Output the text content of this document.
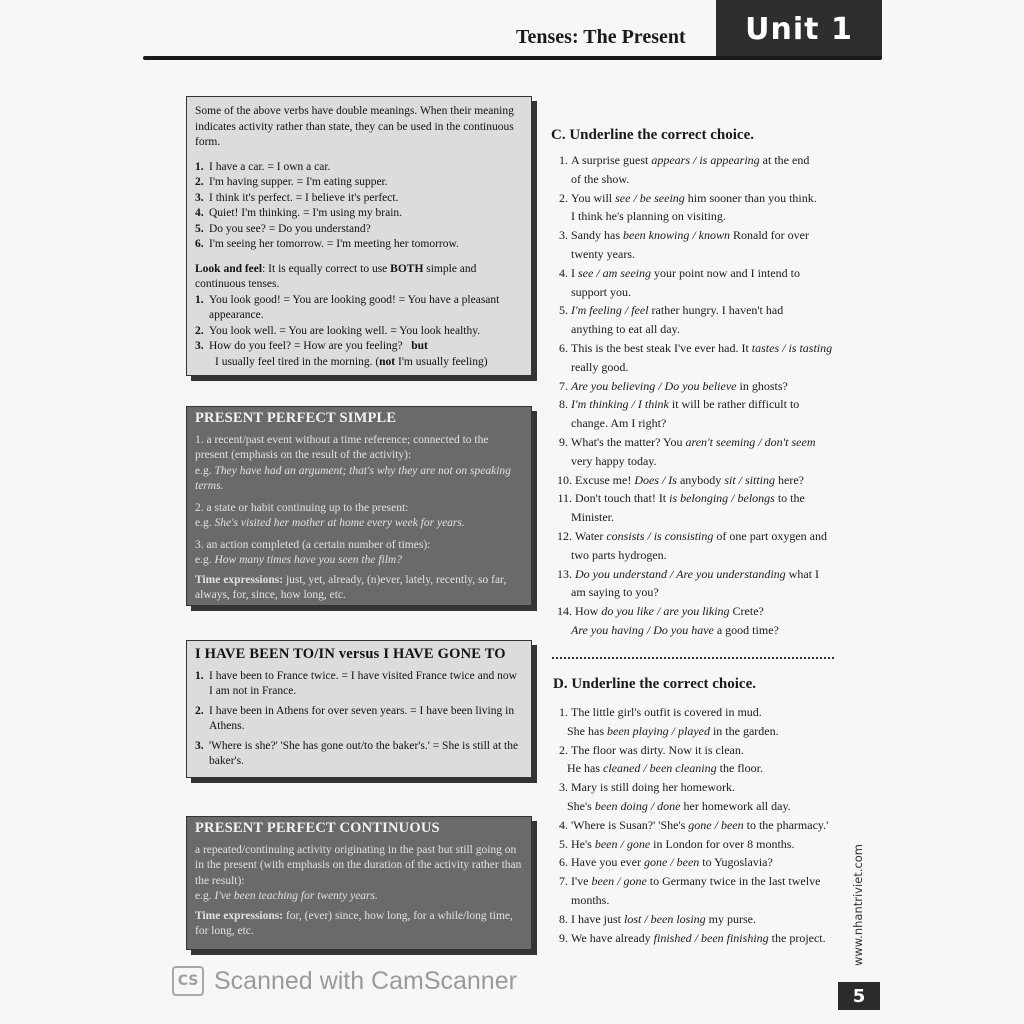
Tenses: The Present	Unit 1

Some of the above verbs have double meanings. When their meaning indicates activity rather than state, they can be used in the continuous form.

1. I have a car. = I own a car.
2. I'm having supper. = I'm eating supper.
3. I think it's perfect. = I believe it's perfect.
4. Quiet! I'm thinking. = I'm using my brain.
5. Do you see? = Do you understand?
6. I'm seeing her tomorrow. = I'm meeting her tomorrow.

Look and feel: It is equally correct to use BOTH simple and continuous tenses.

1. You look good! = You are looking good! = You have a pleasant appearance.
2. You look well. = You are looking well. = You look healthy.
3. How do you feel? = How are you feeling? but

I usually feel tired in the morning. (not I'm usually feeling)

PRESENT PERFECT SIMPLE

1. a recent/past event without a time reference; connected to the present (emphasis on the result of the activity):

e.g. They have had an argument; that's why they are not on speaking terms.

2. a state or habit continuing up to the present:

e.g. She's visited her mother at home every week for years.

3. an action completed (a certain number of times):

e.g. How many times have you seen the film?

Time expressions: just, yet, already, (n)ever, lately, recently, so far, always, for, since, how long, etc.

I HAVE BEEN TO/IN versus I HAVE GONE TO
1. I have been to France twice. = I have visited France twice and now I am not in France.
2. I have been in Athens for over seven years. = I have been living in Athens.
3. 'Where is she?' 'She has gone out/to the baker's.' = She is still at the baker's.
PRESENT PERFECT CONTINUOUS

a repeated/continuing activity originating in the past but still going on in the present (with emphasis on the duration of the activity rather than the result):

e.g. I've been teaching for twenty years.

Time expressions: for, (ever) since, how long, for a while/long time, for long, etc.

C. Underline the correct choice.
1. A surprise guest appears / is appearing at the end
of the show.
2. You will see / be seeing him sooner than you think.
I think he's planning on visiting.
3. Sandy has been knowing / known Ronald for over
twenty years.
4. I see / am seeing your point now and I intend to
support you.
5. I'm feeling / feel rather hungry. I haven't had
anything to eat all day.
6. This is the best steak I've ever had. It tastes / is tasting
really good.
7. Are you believing / Do you believe in ghosts?
8. I'm thinking / I think it will be rather difficult to
change. Am I right?
9. What's the matter? You aren't seeming / don't seem
very happy today.
10. Excuse me! Does / Is anybody sit / sitting here?
11. Don't touch that! It is belonging / belongs to the
Minister.
12. Water consists / is consisting of one part oxygen and
two parts hydrogen.
13. Do you understand / Are you understanding what I
am saying to you?
14. How do you like / are you liking Crete?
Are you having / Do you have a good time?
D. Underline the correct choice.
1. The little girl's outfit is covered in mud.
She has been playing / played in the garden.
2. The floor was dirty. Now it is clean.
He has cleaned / been cleaning the floor.
3. Mary is still doing her homework.
She's been doing / done her homework all day.
4. 'Where is Susan?' 'She's gone / been to the pharmacy.'
5. He's been / gone in London for over 8 months.
6. Have you ever gone / been to Yugoslavia?
7. I've been / gone to Germany twice in the last twelve
months.
8. I have just lost / been losing my purse.
9. We have already finished / been finishing the project. www.nhantriviet.com
CS Scanned with CamScanner
5
